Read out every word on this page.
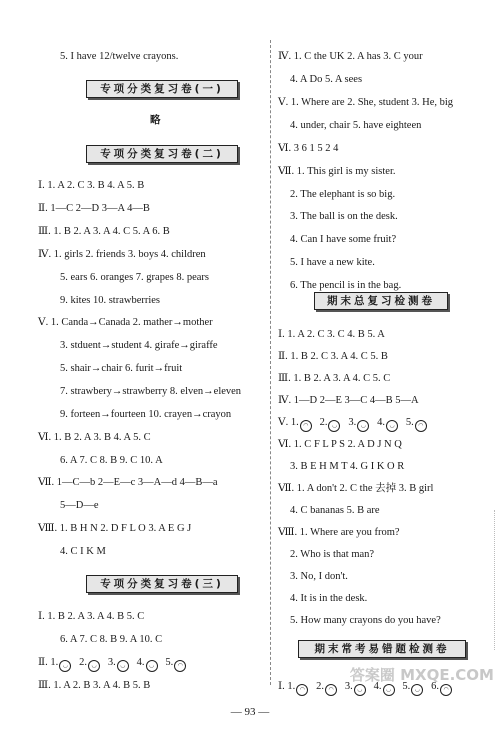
5. I have 12/twelve crayons.
专项分类复习卷(一)
略
专项分类复习卷(二)
Ⅰ. 1. A 2. C 3. B 4. A 5. B
Ⅱ. 1—C 2—D 3—A 4—B
Ⅲ. 1. B 2. A 3. A 4. C 5. A 6. B
Ⅳ. 1. girls 2. friends 3. boys 4. children
5. ears 6. oranges 7. grapes 8. pears
9. kites 10. strawberries
Ⅴ. 1. Canda→Canada 2. mather→mother
3. stduent→student 4. girafe→giraffe
5. shair→chair 6. furit→fruit
7. strawbery→strawberry 8. elven→eleven
9. forteen→fourteen 10. crayen→crayon
Ⅵ. 1. B 2. A 3. B 4. A 5. C
6. A 7. C 8. B 9. C 10. A
Ⅶ. 1—C—b 2—E—c 3—A—d 4—B—a
5—D—e
Ⅷ. 1. B H N 2. D F L O 3. A E G J
4. C I K M
专项分类复习卷(三)
Ⅰ. 1. B 2. A 3. A 4. B 5. C
6. A 7. C 8. B 9. A 10. C
Ⅱ. 1. ◡ 2. ◡ 3. ◡ 4. ◡ 5. ◠
Ⅲ. 1. A 2. B 3. A 4. B 5. B
Ⅳ. 1. C the UK 2. A has 3. C your
4. A Do 5. A sees
Ⅴ. 1. Where are 2. She, student 3. He, big
4. under, chair 5. have eighteen
Ⅵ. 3 6 1 5 2 4
Ⅶ. 1. This girl is my sister.
2. The elephant is so big.
3. The ball is on the desk.
4. Can I have some fruit?
5. I have a new kite.
6. The pencil is in the bag.
期末总复习检测卷
Ⅰ. 1. A 2. C 3. C 4. B 5. A
Ⅱ. 1. B 2. C 3. A 4. C 5. B
Ⅲ. 1. B 2. A 3. A 4. C 5. C
Ⅳ. 1—D 2—E 3—C 4—B 5—A
Ⅴ. 1. ◠ 2. ◡ 3. ◡ 4. ◡ 5. ◠
Ⅵ. 1. C F L P S 2. A D J N Q
3. B E H M T 4. G I K O R
Ⅶ. 1. A don't 2. C the 去掉 3. B girl
4. C bananas 5. B are
Ⅷ. 1. Where are you from?
2. Who is that man?
3. No, I don't.
4. It is in the desk.
5. How many crayons do you have?
期末常考易错题检测卷
Ⅰ. 1. ◠ 2. ◠ 3. ◡ 4. ◡ 5. ◡ 6. ◠
— 93 —
答案圈 MXQE.COM
